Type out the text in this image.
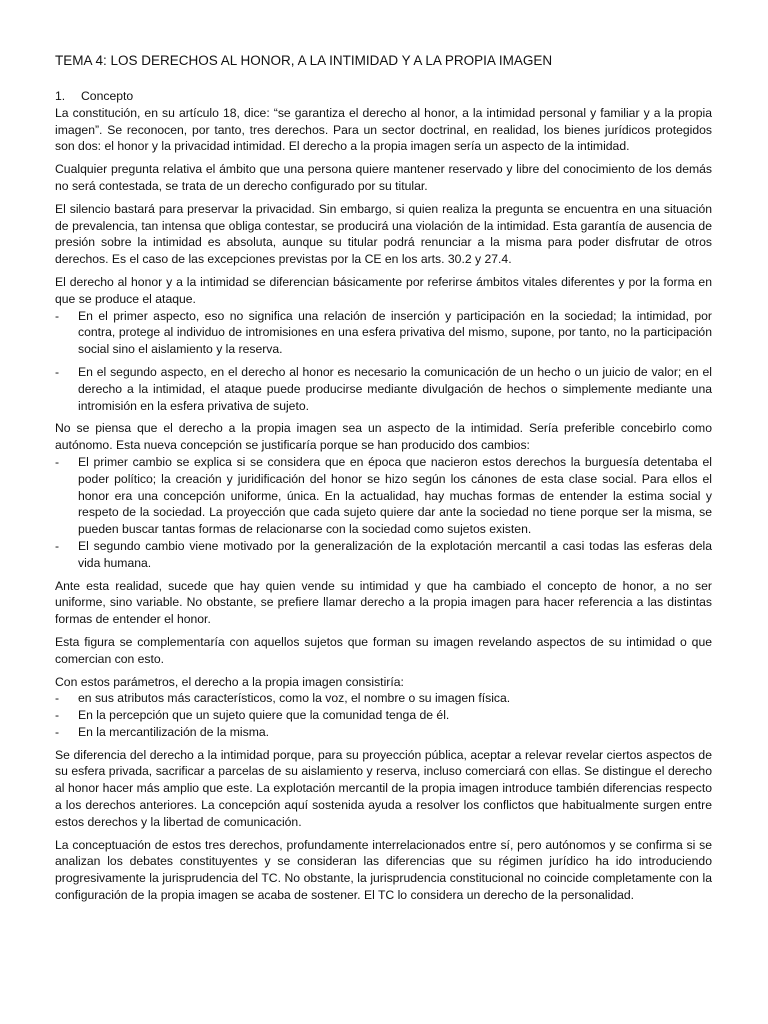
TEMA 4: LOS DERECHOS AL HONOR, A LA INTIMIDAD Y A LA PROPIA IMAGEN
1.	Concepto

La constitución, en su artículo 18, dice: “se garantiza el derecho al honor, a la intimidad personal y familiar y a la propia imagen”. Se reconocen, por tanto, tres derechos. Para un sector doctrinal, en realidad, los bienes jurídicos protegidos son dos: el honor y la privacidad intimidad. El derecho a la propia imagen sería un aspecto de la intimidad.

Cualquier pregunta relativa el ámbito que una persona quiere mantener reservado y libre del conocimiento de los demás no será contestada, se trata de un derecho configurado por su titular.

El silencio bastará para preservar la privacidad. Sin embargo, si quien realiza la pregunta se encuentra en una situación de prevalencia, tan intensa que obliga contestar, se producirá una violación de la intimidad. Esta garantía de ausencia de presión sobre la intimidad es absoluta, aunque su titular podrá renunciar a la misma para poder disfrutar de otros derechos. Es el caso de las excepciones previstas por la CE en los arts. 30.2 y 27.4.

El derecho al honor y a la intimidad se diferencian básicamente por referirse ámbitos vitales diferentes y por la forma en que se produce el ataque.

- En el primer aspecto, eso no significa una relación de inserción y participación en la sociedad; la intimidad, por contra, protege al individuo de intromisiones en una esfera privativa del mismo, supone, por tanto, no la participación social sino el aislamiento y la reserva.
- En el segundo aspecto, en el derecho al honor es necesario la comunicación de un hecho o un juicio de valor; en el derecho a la intimidad, el ataque puede producirse mediante divulgación de hechos o simplemente mediante una intromisión en la esfera privativa de sujeto.

No se piensa que el derecho a la propia imagen sea un aspecto de la intimidad. Sería preferible concebirlo como autónomo. Esta nueva concepción se justificaría porque se han producido dos cambios:

- El primer cambio se explica si se considera que en época que nacieron estos derechos la burguesía detentaba el poder político; la creación y juridificación del honor se hizo según los cánones de esta clase social. Para ellos el honor era una concepción uniforme, única. En la actualidad, hay muchas formas de entender la estima social y respeto de la sociedad. La proyección que cada sujeto quiere dar ante la sociedad no tiene porque ser la misma, se pueden buscar tantas formas de relacionarse con la sociedad como sujetos existen.
- El segundo cambio viene motivado por la generalización de la explotación mercantil a casi todas las esferas dela vida humana.

Ante esta realidad, sucede que hay quien vende su intimidad y que ha cambiado el concepto de honor, a no ser uniforme, sino variable. No obstante, se prefiere llamar derecho a la propia imagen para hacer referencia a las distintas formas de entender el honor.

Esta figura se complementaría con aquellos sujetos que forman su imagen revelando aspectos de su intimidad o que comercian con esto.

Con estos parámetros, el derecho a la propia imagen consistiría:

- en sus atributos más característicos, como la voz, el nombre o su imagen física.
- En la percepción que un sujeto quiere que la comunidad tenga de él.
- En la mercantilización de la misma.

Se diferencia del derecho a la intimidad porque, para su proyección pública, aceptar a relevar revelar ciertos aspectos de su esfera privada, sacrificar a parcelas de su aislamiento y reserva, incluso comerciará con ellas. Se distingue el derecho al honor hacer más amplio que este. La explotación mercantil de la propia imagen introduce también diferencias respecto a los derechos anteriores. La concepción aquí sostenida ayuda a resolver los conflictos que habitualmente surgen entre estos derechos y la libertad de comunicación.

La conceptuación de estos tres derechos, profundamente interrelacionados entre sí, pero autónomos y se confirma si se analizan los debates constituyentes y se consideran las diferencias que su régimen jurídico ha ido introduciendo progresivamente la jurisprudencia del TC. No obstante, la jurisprudencia constitucional no coincide completamente con la configuración de la propia imagen se acaba de sostener. El TC lo considera un derecho de la personalidad.
